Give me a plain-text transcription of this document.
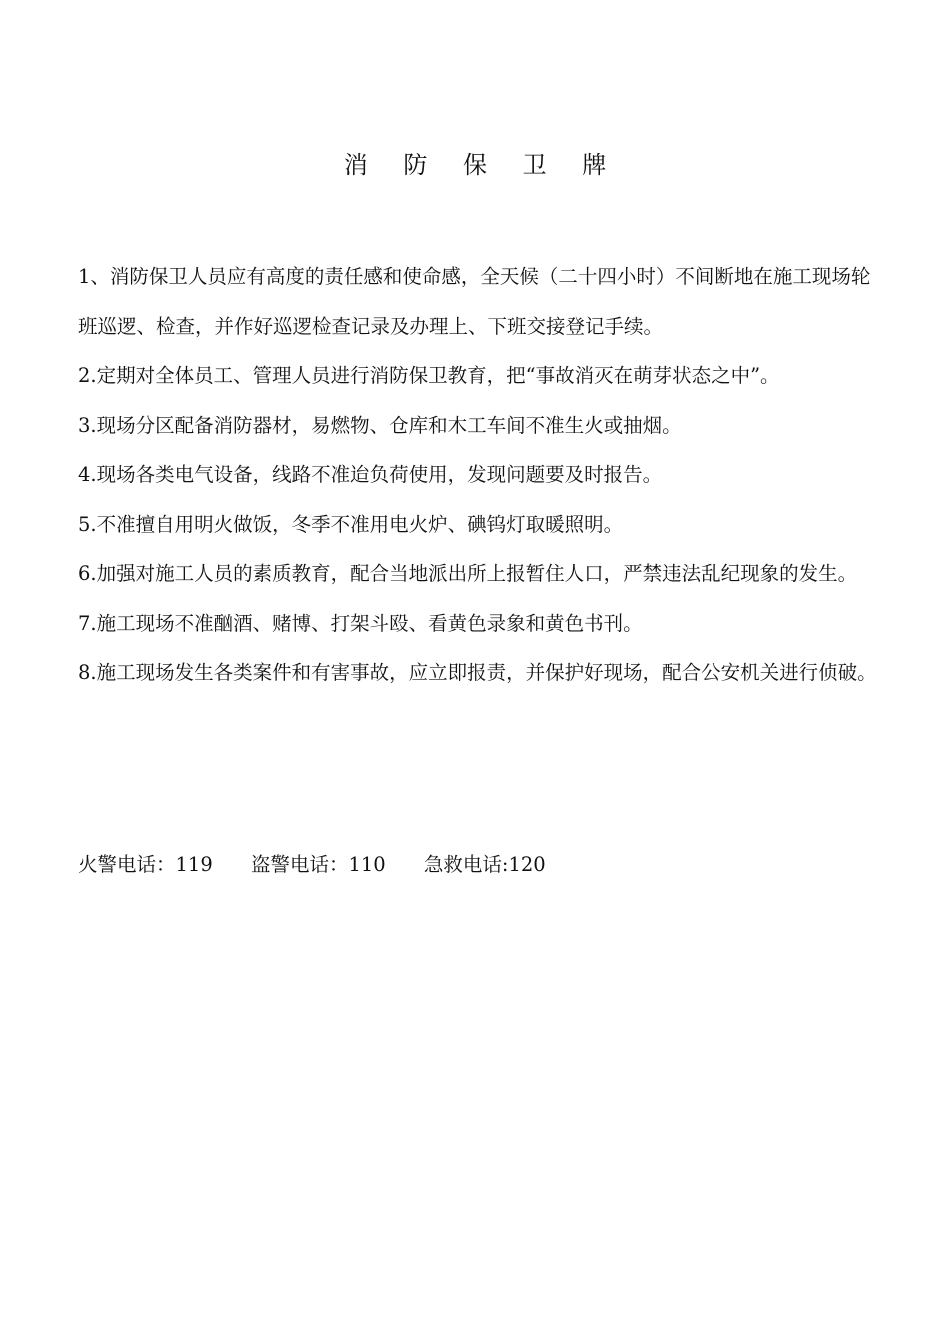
消 防 保 卫 牌
1、消防保卫人员应有高度的责任感和使命感，全天候（二十四小时）不间断地在施工现场轮班巡逻、检查，并作好巡逻检查记录及办理上、下班交接登记手续。
2.定期对全体员工、管理人员进行消防保卫教育，把“事故消灭在萌芽状态之中”。
3.现场分区配备消防器材，易燃物、仓库和木工车间不准生火或抽烟。
4.现场各类电气设备，线路不准迨负荷使用，发现问题要及时报告。
5.不准擅自用明火做饭，冬季不准用电火炉、碘钨灯取暖照明。
6.加强对施工人员的素质教育，配合当地派出所上报暂住人口，严禁违法乱纪现象的发生。
7.施工现场不准酗酒、赌博、打架斗殴、看黄色录象和黄色书刊。
8.施工现场发生各类案件和有害事故，应立即报责，并保护好现场，配合公安机关进行侦破。
火警电话：119 盗警电话：110 急救电话:120
